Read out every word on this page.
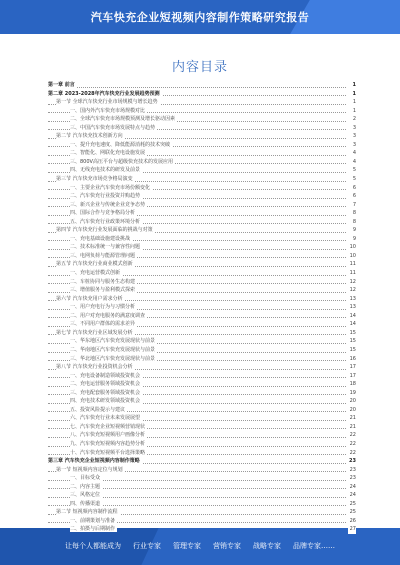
汽车快充企业短视频内容制作策略研究报告
内容目录
第一章 前言	1
第二章 2023-2028年汽车快充行业发展趋势预测	1
第一节 全球汽车快充行业市场规模与增长趋势	1
一、国内外汽车快充市场规模对比	1
二、全球汽车快充市场规模预测及增长驱动因素	2
三、中国汽车快充市场发展特点与趋势	3
第二节 汽车快充技术创新方向	3
一、提升充电速度、降低能源消耗的技术突破	3
二、智能化、网联化充电设施发展	4
三、800V高压平台与超级快充技术的发展应用	4
四、无线充电技术的研发及前景	5
第三节 汽车快充市场竞争格局演变	5
一、主要企业汽车快充市场份额变化	6
二、汽车快充行业投资并购趋势	6
三、新兴企业与传统企业竞争态势	7
四、国际合作与竞争格局分析	8
五、汽车快充行业政策环境分析	8
第四节 汽车快充行业发展面临的挑战与对策	9
一、充电基础设施建设挑战	9
二、技术标准统一与兼容性问题	10
三、电网负荷与能源管理问题	10
第五节 汽车快充行业商业模式创新	11
一、充电运营模式创新	11
二、车桩协同与服务生态构建	12
三、增值服务与盈利模式探索	12
第六节 汽车快充用户需求分析	13
一、用户充电行为与习惯分析	13
二、用户对充电服务的满意度调查	14
三、不同用户群体的需求差异	14
第七节 汽车快充行业区域发展分析	15
一、华东地区汽车快充发展现状与前景	15
二、华南地区汽车快充发展现状与前景	15
三、华北地区汽车快充发展现状与前景	16
第八节 汽车快充行业投资机会分析	17
一、充电设备制造领域投资机会	17
二、充电运营服务领域投资机会	18
三、充电配套服务领域投资机会	19
四、充电技术研发领域投资机会	20
五、投资风险提示与建议	20
六、汽车快充行业未来发展展望	21
七、汽车快充企业短视频营销现状	21
八、汽车快充短视频用户画像分析	22
九、汽车快充短视频内容趋势分析	22
十、汽车快充短视频平台选择策略	22
第三章 汽车快充企业短视频内容制作策略	23
第一节 短视频内容定位与规划	23
一、目标受众	23
二、内容主题	24
三、风格定位	24
四、传播渠道	25
第二节 短视频内容制作流程	25
一、前期策划与准备	26
二、拍摄与后期制作	27
让每个人都能成为 行业专家 管理专家 营销专家 战略专家 品牌专家……
